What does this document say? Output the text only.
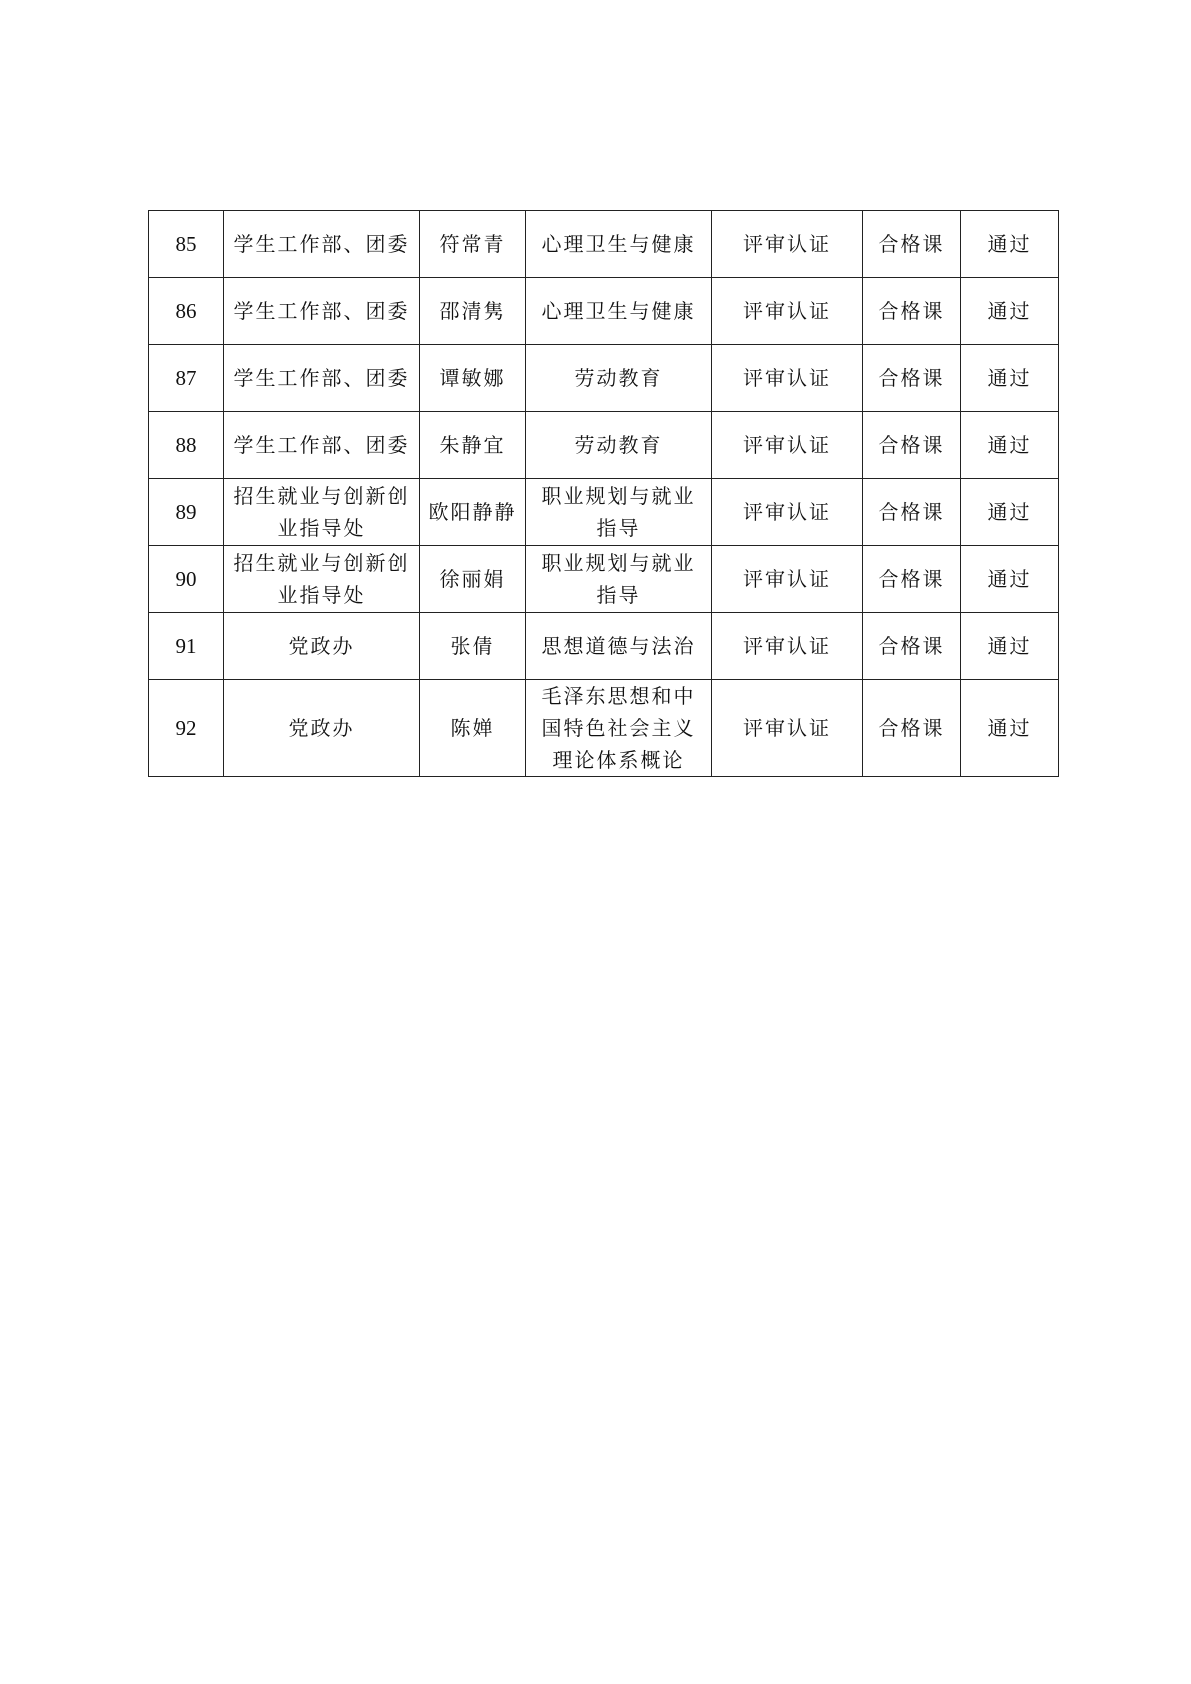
85	学生工作部、团委	符常青	心理卫生与健康	评审认证	合格课	通过
86	学生工作部、团委	邵清隽	心理卫生与健康	评审认证	合格课	通过
87	学生工作部、团委	谭敏娜	劳动教育	评审认证	合格课	通过
88	学生工作部、团委	朱静宜	劳动教育	评审认证	合格课	通过
89	招生就业与创新创业指导处	欧阳静静	职业规划与就业指导	评审认证	合格课	通过
90	招生就业与创新创业指导处	徐丽娟	职业规划与就业指导	评审认证	合格课	通过
91	党政办	张倩	思想道德与法治	评审认证	合格课	通过
92	党政办	陈婵	毛泽东思想和中国特色社会主义理论体系概论	评审认证	合格课	通过
